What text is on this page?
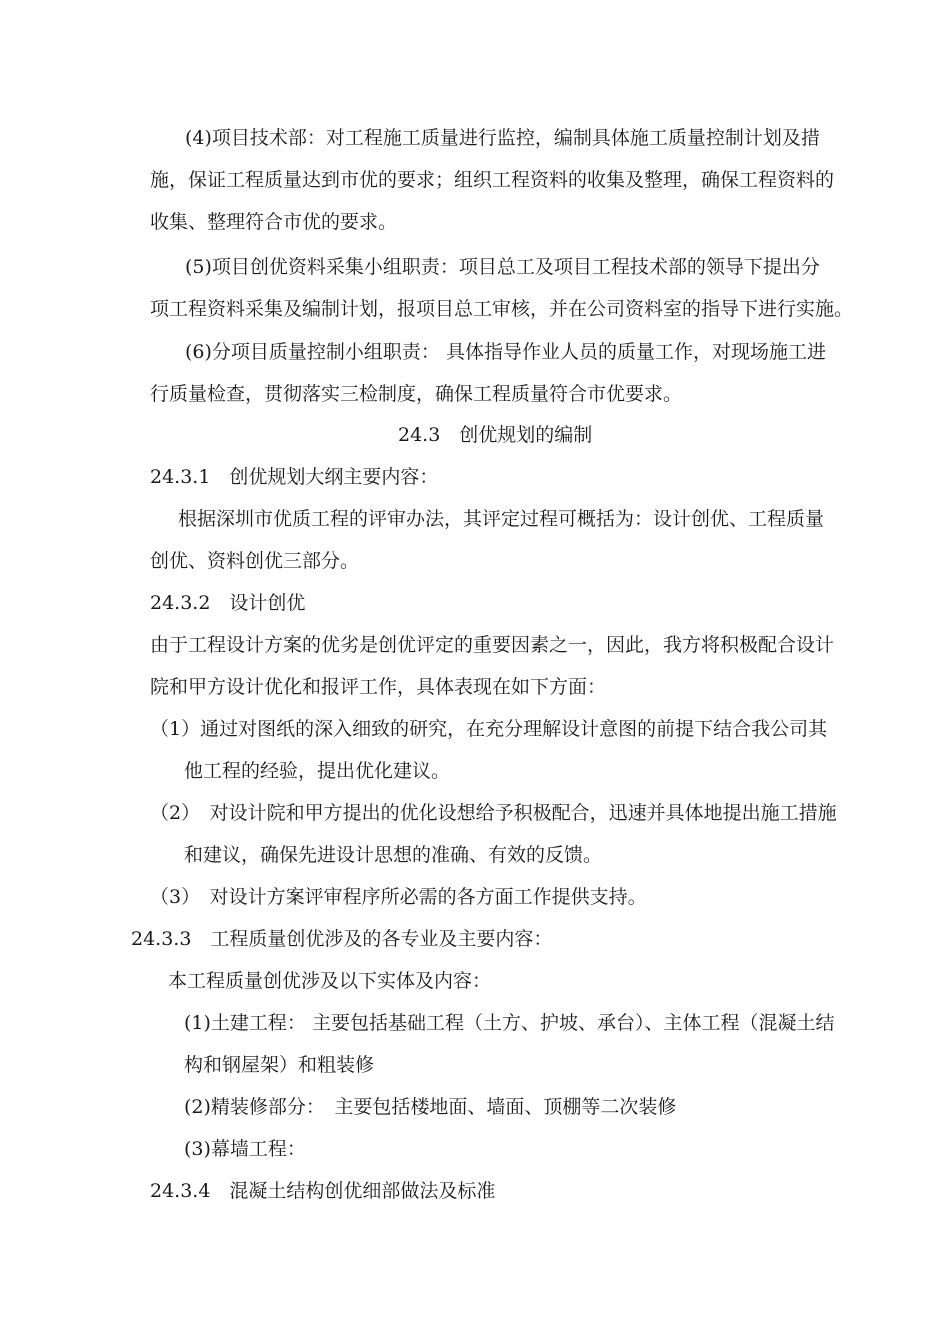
(4)项目技术部：对工程施工质量进行监控，编制具体施工质量控制计划及措
施，保证工程质量达到市优的要求；组织工程资料的收集及整理，确保工程资料的
收集、整理符合市优的要求。
(5)项目创优资料采集小组职责：项目总工及项目工程技术部的领导下提出分
项工程资料采集及编制计划，报项目总工审核，并在公司资料室的指导下进行实施。
(6)分项目质量控制小组职责： 具体指导作业人员的质量工作，对现场施工进
行质量检查，贯彻落实三检制度，确保工程质量符合市优要求。
24.3　创优规划的编制
24.3.1　创优规划大纲主要内容：
根据深圳市优质工程的评审办法，其评定过程可概括为：设计创优、工程质量
创优、资料创优三部分。
24.3.2　设计创优
由于工程设计方案的优劣是创优评定的重要因素之一，因此，我方将积极配合设计
院和甲方设计优化和报评工作，具体表现在如下方面：
（1）通过对图纸的深入细致的研究，在充分理解设计意图的前提下结合我公司其
他工程的经验，提出优化建议。
（2）　对设计院和甲方提出的优化设想给予积极配合，迅速并具体地提出施工措施
和建议，确保先进设计思想的准确、有效的反馈。
（3）　对设计方案评审程序所必需的各方面工作提供支持。
24.3.3　工程质量创优涉及的各专业及主要内容：
本工程质量创优涉及以下实体及内容：
(1)土建工程： 主要包括基础工程（土方、护坡、承台）、主体工程（混凝土结
构和钢屋架）和粗装修
(2)精装修部分：　主要包括楼地面、墙面、顶棚等二次装修
(3)幕墙工程：
24.3.4　混凝土结构创优细部做法及标准
